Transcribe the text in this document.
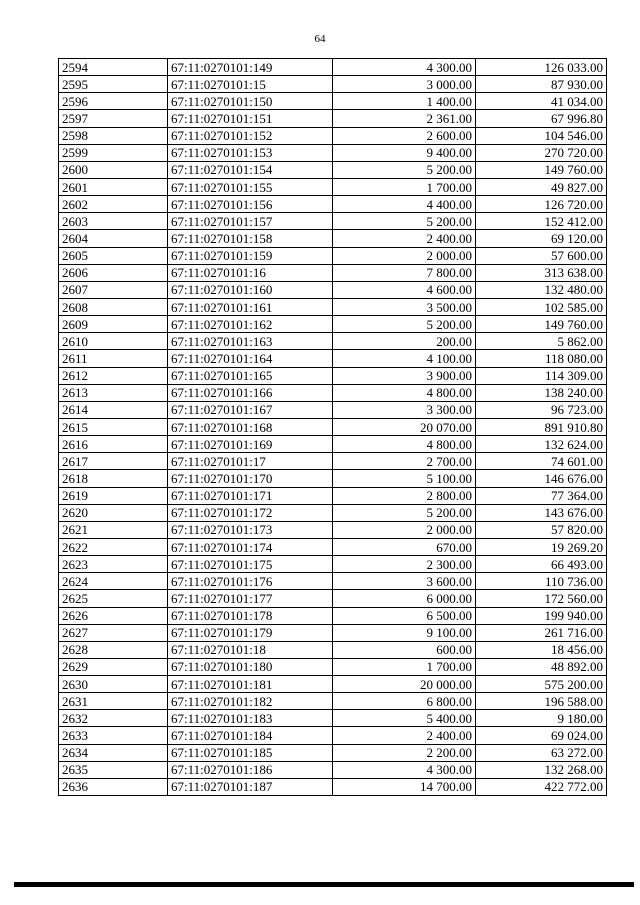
64
2594	67:11:0270101:149	4 300.00	126 033.00
2595	67:11:0270101:15	3 000.00	87 930.00
2596	67:11:0270101:150	1 400.00	41 034.00
2597	67:11:0270101:151	2 361.00	67 996.80
2598	67:11:0270101:152	2 600.00	104 546.00
2599	67:11:0270101:153	9 400.00	270 720.00
2600	67:11:0270101:154	5 200.00	149 760.00
2601	67:11:0270101:155	1 700.00	49 827.00
2602	67:11:0270101:156	4 400.00	126 720.00
2603	67:11:0270101:157	5 200.00	152 412.00
2604	67:11:0270101:158	2 400.00	69 120.00
2605	67:11:0270101:159	2 000.00	57 600.00
2606	67:11:0270101:16	7 800.00	313 638.00
2607	67:11:0270101:160	4 600.00	132 480.00
2608	67:11:0270101:161	3 500.00	102 585.00
2609	67:11:0270101:162	5 200.00	149 760.00
2610	67:11:0270101:163	200.00	5 862.00
2611	67:11:0270101:164	4 100.00	118 080.00
2612	67:11:0270101:165	3 900.00	114 309.00
2613	67:11:0270101:166	4 800.00	138 240.00
2614	67:11:0270101:167	3 300.00	96 723.00
2615	67:11:0270101:168	20 070.00	891 910.80
2616	67:11:0270101:169	4 800.00	132 624.00
2617	67:11:0270101:17	2 700.00	74 601.00
2618	67:11:0270101:170	5 100.00	146 676.00
2619	67:11:0270101:171	2 800.00	77 364.00
2620	67:11:0270101:172	5 200.00	143 676.00
2621	67:11:0270101:173	2 000.00	57 820.00
2622	67:11:0270101:174	670.00	19 269.20
2623	67:11:0270101:175	2 300.00	66 493.00
2624	67:11:0270101:176	3 600.00	110 736.00
2625	67:11:0270101:177	6 000.00	172 560.00
2626	67:11:0270101:178	6 500.00	199 940.00
2627	67:11:0270101:179	9 100.00	261 716.00
2628	67:11:0270101:18	600.00	18 456.00
2629	67:11:0270101:180	1 700.00	48 892.00
2630	67:11:0270101:181	20 000.00	575 200.00
2631	67:11:0270101:182	6 800.00	196 588.00
2632	67:11:0270101:183	5 400.00	9 180.00
2633	67:11:0270101:184	2 400.00	69 024.00
2634	67:11:0270101:185	2 200.00	63 272.00
2635	67:11:0270101:186	4 300.00	132 268.00
2636	67:11:0270101:187	14 700.00	422 772.00
